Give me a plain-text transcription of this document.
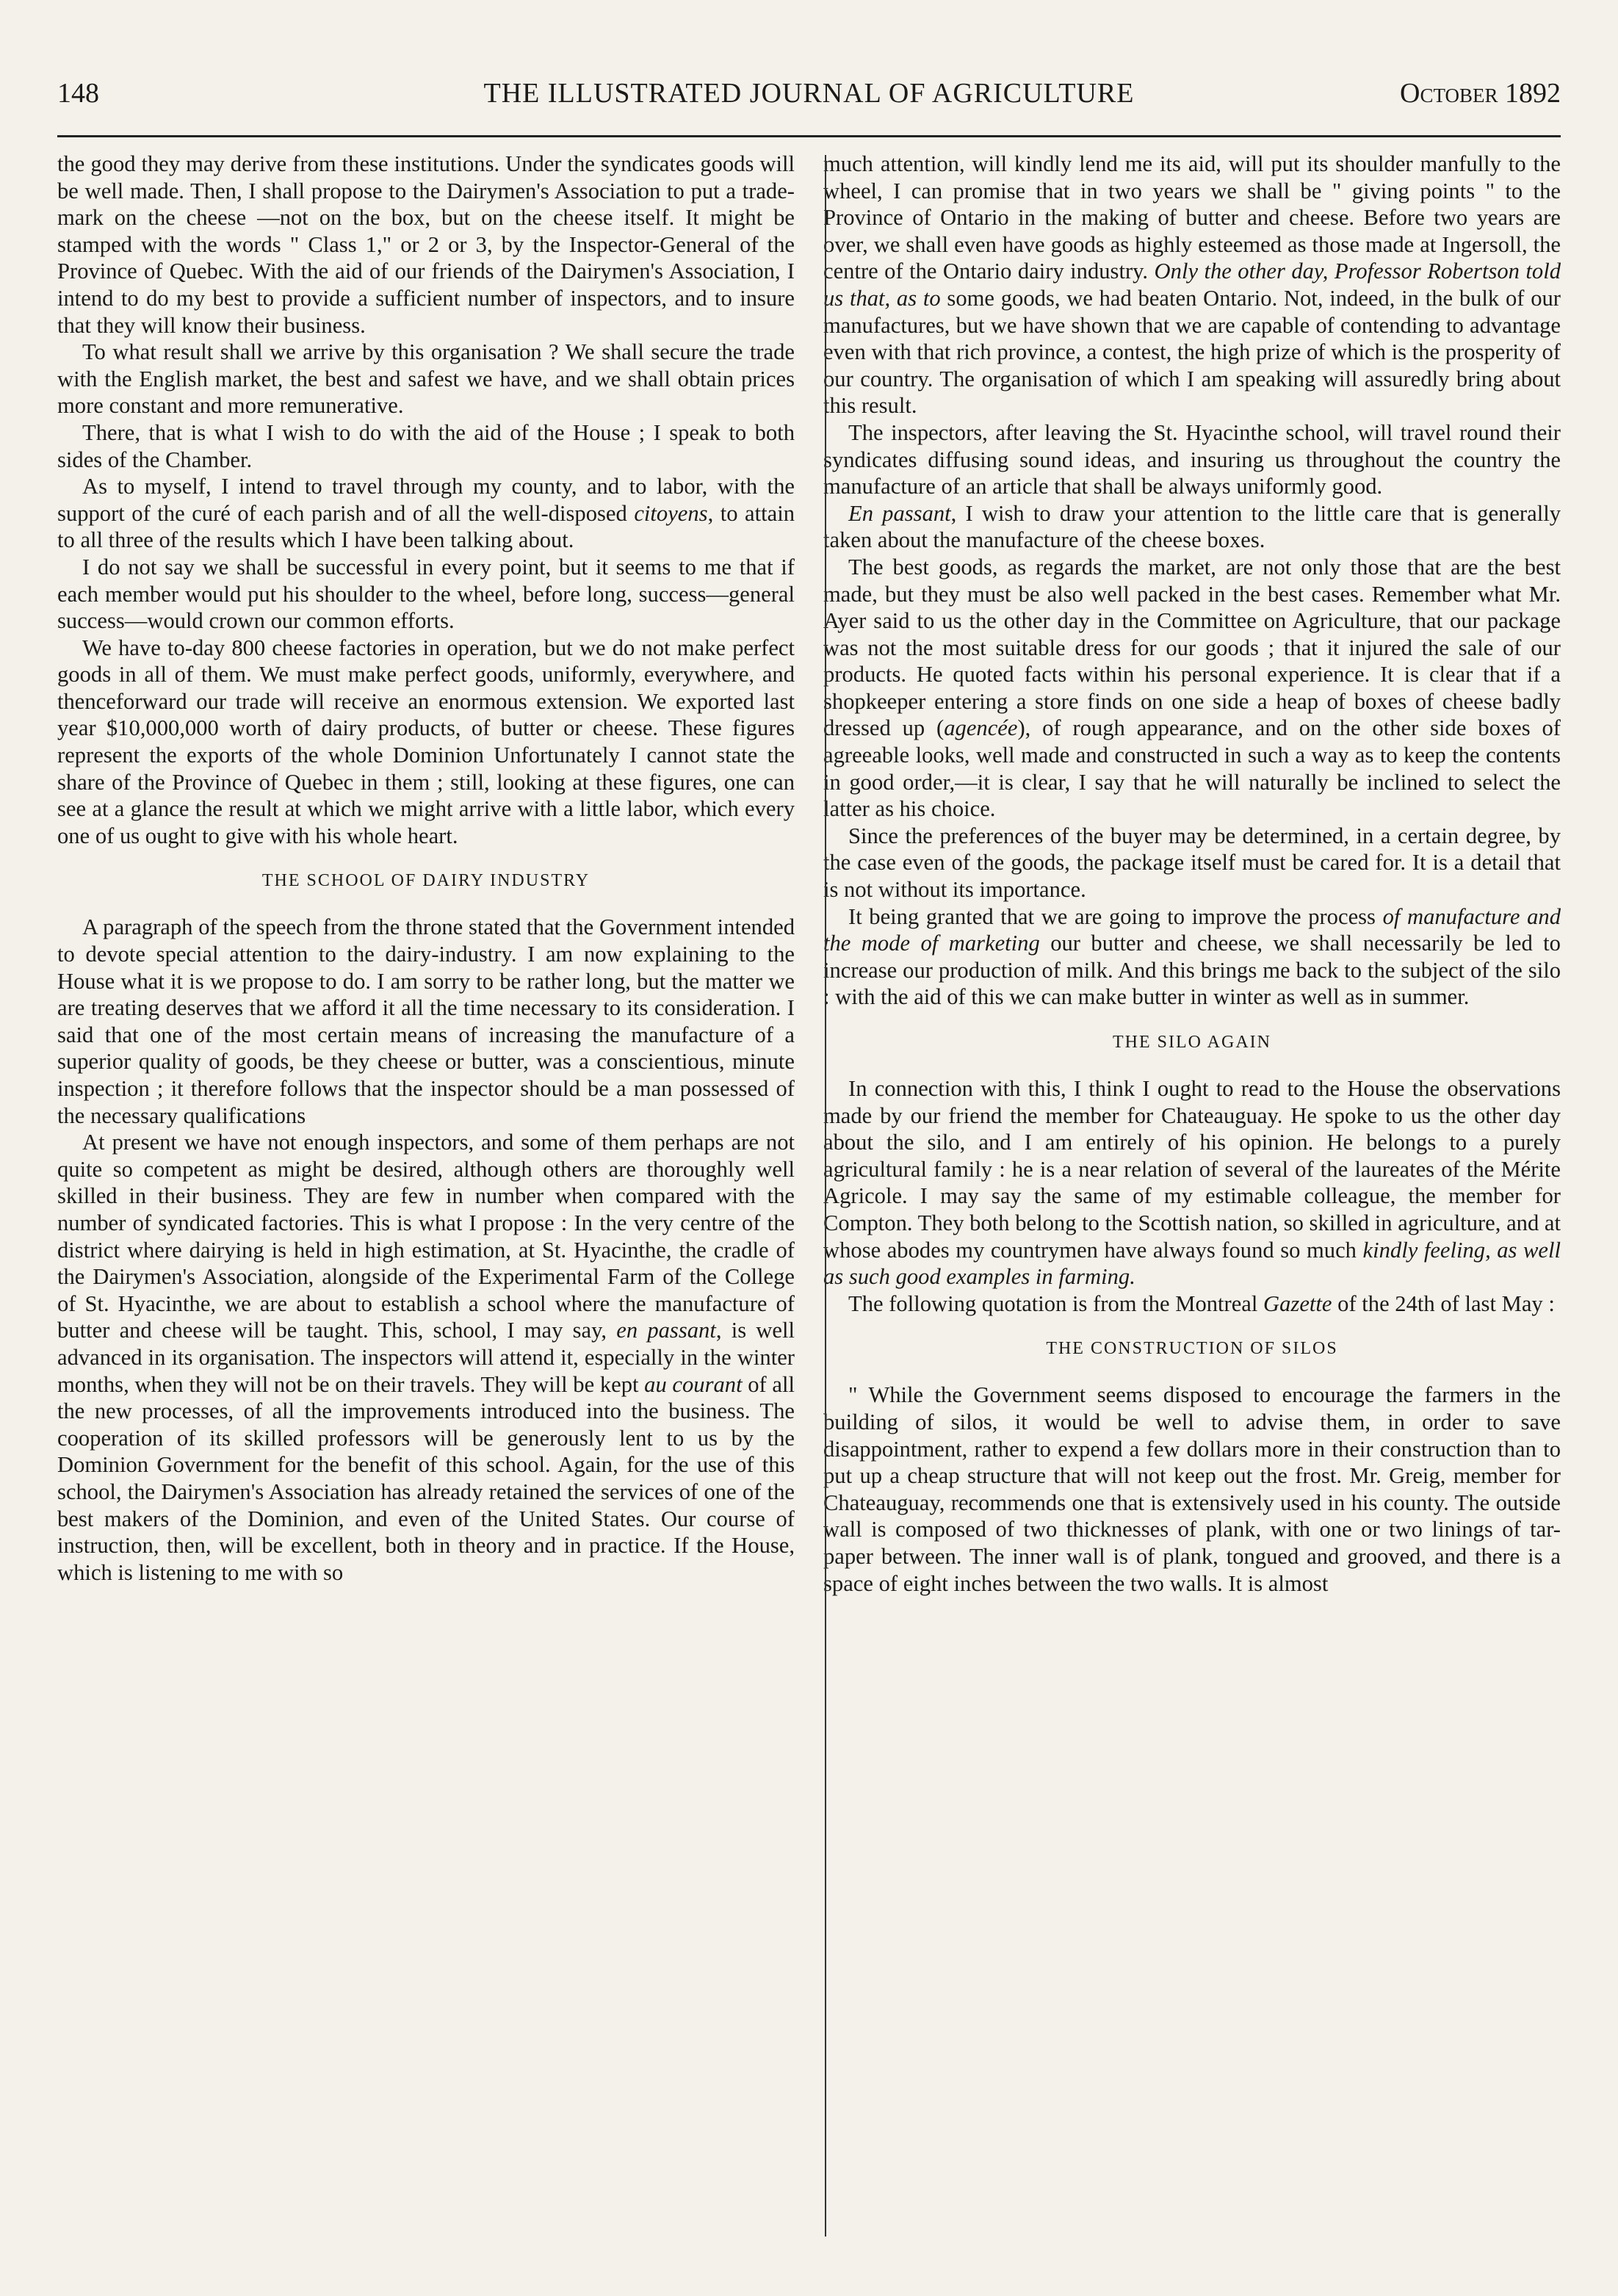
148	THE ILLUSTRATED JOURNAL OF AGRICULTURE	October 1892

the good they may derive from these institutions. Under the syndicates goods will be well made. Then, I shall propose to the Dairymen's Association to put a trade-mark on the cheese —not on the box, but on the cheese itself. It might be stamped with the words " Class 1," or 2 or 3, by the Inspector-General of the Province of Quebec. With the aid of our friends of the Dairymen's Association, I intend to do my best to provide a sufficient number of inspectors, and to insure that they will know their business.

To what result shall we arrive by this organisation ? We shall secure the trade with the English market, the best and safest we have, and we shall obtain prices more constant and more remunerative.

There, that is what I wish to do with the aid of the House ; I speak to both sides of the Chamber.

As to myself, I intend to travel through my county, and to labor, with the support of the curé of each parish and of all the well-disposed citoyens, to attain to all three of the results which I have been talking about.

I do not say we shall be successful in every point, but it seems to me that if each member would put his shoulder to the wheel, before long, success—general success—would crown our common efforts.

We have to-day 800 cheese factories in operation, but we do not make perfect goods in all of them. We must make perfect goods, uniformly, everywhere, and thenceforward our trade will receive an enormous extension. We exported last year $10,000,000 worth of dairy products, of butter or cheese. These figures represent the exports of the whole Dominion Unfortunately I cannot state the share of the Province of Quebec in them ; still, looking at these figures, one can see at a glance the result at which we might arrive with a little labor, which every one of us ought to give with his whole heart.

THE SCHOOL OF DAIRY INDUSTRY

A paragraph of the speech from the throne stated that the Government intended to devote special attention to the dairy-industry. I am now explaining to the House what it is we propose to do. I am sorry to be rather long, but the matter we are treating deserves that we afford it all the time necessary to its consideration. I said that one of the most certain means of increasing the manufacture of a superior quality of goods, be they cheese or butter, was a conscientious, minute inspection ; it therefore follows that the inspector should be a man possessed of the necessary qualifications

At present we have not enough inspectors, and some of them perhaps are not quite so competent as might be desired, although others are thoroughly well skilled in their business. They are few in number when compared with the number of syndicated factories. This is what I propose : In the very centre of the district where dairying is held in high estimation, at St. Hyacinthe, the cradle of the Dairymen's Association, alongside of the Experimental Farm of the College of St. Hyacinthe, we are about to establish a school where the manufacture of butter and cheese will be taught. This, school, I may say, en passant, is well advanced in its organisation. The inspectors will attend it, especially in the winter months, when they will not be on their travels. They will be kept au courant of all the new processes, of all the improvements introduced into the business. The cooperation of its skilled professors will be generously lent to us by the Dominion Government for the benefit of this school. Again, for the use of this school, the Dairymen's Association has already retained the services of one of the best makers of the Dominion, and even of the United States. Our course of instruction, then, will be excellent, both in theory and in practice. If the House, which is listening to me with so

much attention, will kindly lend me its aid, will put its shoulder manfully to the wheel, I can promise that in two years we shall be " giving points " to the Province of Ontario in the making of butter and cheese. Before two years are over, we shall even have goods as highly esteemed as those made at Ingersoll, the centre of the Ontario dairy industry. Only the other day, Professor Robertson told us that, as to some goods, we had beaten Ontario. Not, indeed, in the bulk of our manufactures, but we have shown that we are capable of contending to advantage even with that rich province, a contest, the high prize of which is the prosperity of our country. The organisation of which I am speaking will assuredly bring about this result.

The inspectors, after leaving the St. Hyacinthe school, will travel round their syndicates diffusing sound ideas, and insuring us throughout the country the manufacture of an article that shall be always uniformly good.

En passant, I wish to draw your attention to the little care that is generally taken about the manufacture of the cheese boxes.

The best goods, as regards the market, are not only those that are the best made, but they must be also well packed in the best cases. Remember what Mr. Ayer said to us the other day in the Committee on Agriculture, that our package was not the most suitable dress for our goods ; that it injured the sale of our products. He quoted facts within his personal experience. It is clear that if a shopkeeper entering a store finds on one side a heap of boxes of cheese badly dressed up (agencée), of rough appearance, and on the other side boxes of agreeable looks, well made and constructed in such a way as to keep the contents in good order,—it is clear, I say that he will naturally be inclined to select the latter as his choice.

Since the preferences of the buyer may be determined, in a certain degree, by the case even of the goods, the package itself must be cared for. It is a detail that is not without its importance.

It being granted that we are going to improve the process of manufacture and the mode of marketing our butter and cheese, we shall necessarily be led to increase our production of milk. And this brings me back to the subject of the silo : with the aid of this we can make butter in winter as well as in summer.

THE SILO AGAIN

In connection with this, I think I ought to read to the House the observations made by our friend the member for Chateauguay. He spoke to us the other day about the silo, and I am entirely of his opinion. He belongs to a purely agricultural family : he is a near relation of several of the laureates of the Mérite Agricole. I may say the same of my estimable colleague, the member for Compton. They both belong to the Scottish nation, so skilled in agriculture, and at whose abodes my countrymen have always found so much kindly feeling, as well as such good examples in farming.

The following quotation is from the Montreal Gazette of the 24th of last May :

THE CONSTRUCTION OF SILOS

" While the Government seems disposed to encourage the farmers in the building of silos, it would be well to advise them, in order to save disappointment, rather to expend a few dollars more in their construction than to put up a cheap structure that will not keep out the frost. Mr. Greig, member for Chateauguay, recommends one that is extensively used in his county. The outside wall is composed of two thicknesses of plank, with one or two linings of tar-paper between. The inner wall is of plank, tongued and grooved, and there is a space of eight inches between the two walls. It is almost
